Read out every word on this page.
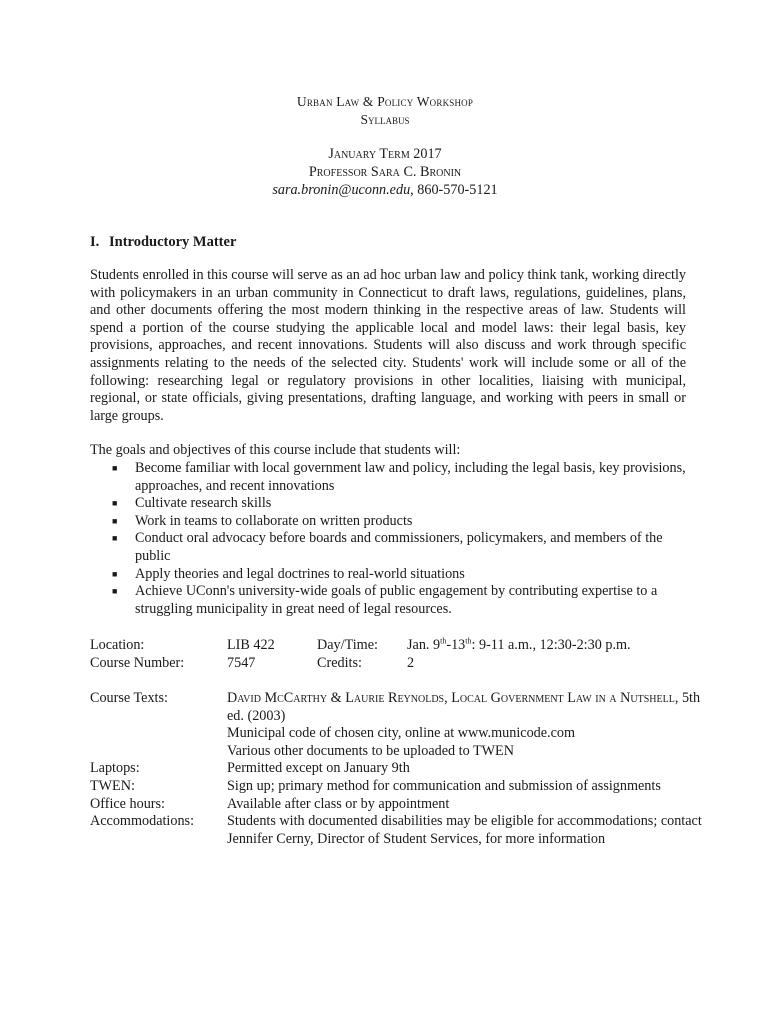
Urban Law & Policy Workshop
Syllabus
January Term 2017
Professor Sara C. Bronin
sara.bronin@uconn.edu, 860-570-5121
I. Introductory Matter
Students enrolled in this course will serve as an ad hoc urban law and policy think tank, working directly with policymakers in an urban community in Connecticut to draft laws, regulations, guidelines, plans, and other documents offering the most modern thinking in the respective areas of law. Students will spend a portion of the course studying the applicable local and model laws: their legal basis, key provisions, approaches, and recent innovations. Students will also discuss and work through specific assignments relating to the needs of the selected city. Students' work will include some or all of the following: researching legal or regulatory provisions in other localities, liaising with municipal, regional, or state officials, giving presentations, drafting language, and working with peers in small or large groups.
The goals and objectives of this course include that students will:
■ Become familiar with local government law and policy, including the legal basis, key provisions, approaches, and recent innovations
■ Cultivate research skills
■ Work in teams to collaborate on written products
■ Conduct oral advocacy before boards and commissioners, policymakers, and members of the public
■ Apply theories and legal doctrines to real-world situations
■ Achieve UConn's university-wide goals of public engagement by contributing expertise to a struggling municipality in great need of legal resources.
Location:	LIB 422	Day/Time:	Jan. 9th-13th: 9-11 a.m., 12:30-2:30 p.m.
Course Number:	7547	Credits:	2
Course Texts:	David McCarthy & Laurie Reynolds, Local Government Law in a Nutshell, 5th ed. (2003)
Municipal code of chosen city, online at www.municode.com
Various other documents to be uploaded to TWEN

Laptops:	Permitted except on January 9th
TWEN:	Sign up; primary method for communication and submission of assignments
Office hours:	Available after class or by appointment
Accommodations:	Students with documented disabilities may be eligible for accommodations; contact Jennifer Cerny, Director of Student Services, for more information
